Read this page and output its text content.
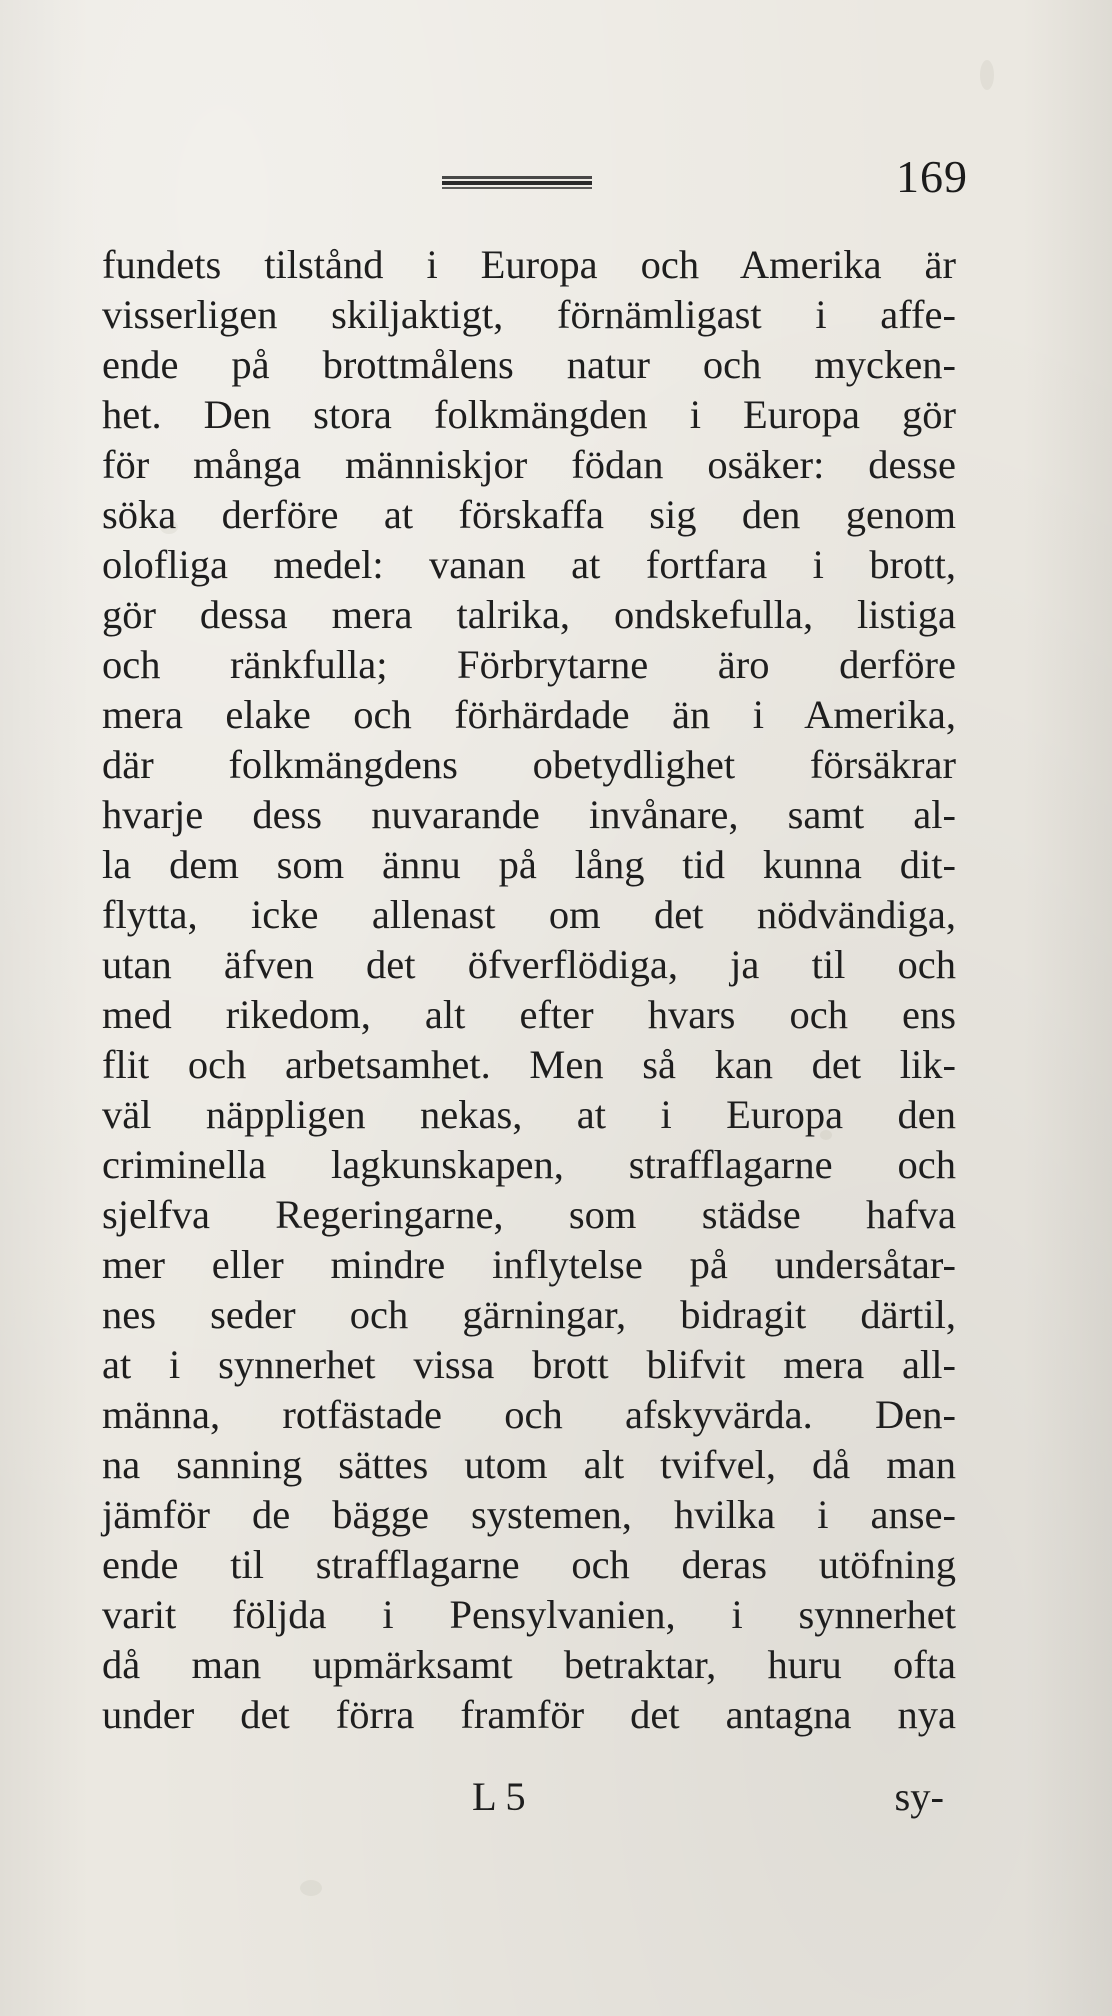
169
fundets tilstånd i Europa och Amerika är
visserligen skiljaktigt, förnämligast i affe-
ende på brottmålens natur och mycken-
het. Den stora folkmängden i Europa gör
för många människjor födan osäker: desse
söka derföre at förskaffa sig den genom
olofliga medel: vanan at fortfara i brott,
gör dessa mera talrika, ondskefulla, listiga
och ränkfulla; Förbrytarne äro derföre
mera elake och förhärdade än i Amerika,
där folkmängdens obetydlighet försäkrar
hvarje dess nuvarande invånare, samt al-
la dem som ännu på lång tid kunna dit-
flytta, icke allenast om det nödvändiga,
utan äfven det öfverflödiga, ja til och
med rikedom, alt efter hvars och ens
flit och arbetsamhet. Men så kan det lik-
väl näppligen nekas, at i Europa den
criminella lagkunskapen, strafflagarne och
sjelfva Regeringarne, som städse hafva
mer eller mindre inflytelse på undersåtar-
nes seder och gärningar, bidragit därtil,
at i synnerhet vissa brott blifvit mera all-
männa, rotfästade och afskyvärda. Den-
na sanning sättes utom alt tvifvel, då man
jämför de bägge systemen, hvilka i anse-
ende til strafflagarne och deras utöfning
varit följda i Pensylvanien, i synnerhet
då man upmärksamt betraktar, huru ofta
under det förra framför det antagna nya
L 5	sy-
